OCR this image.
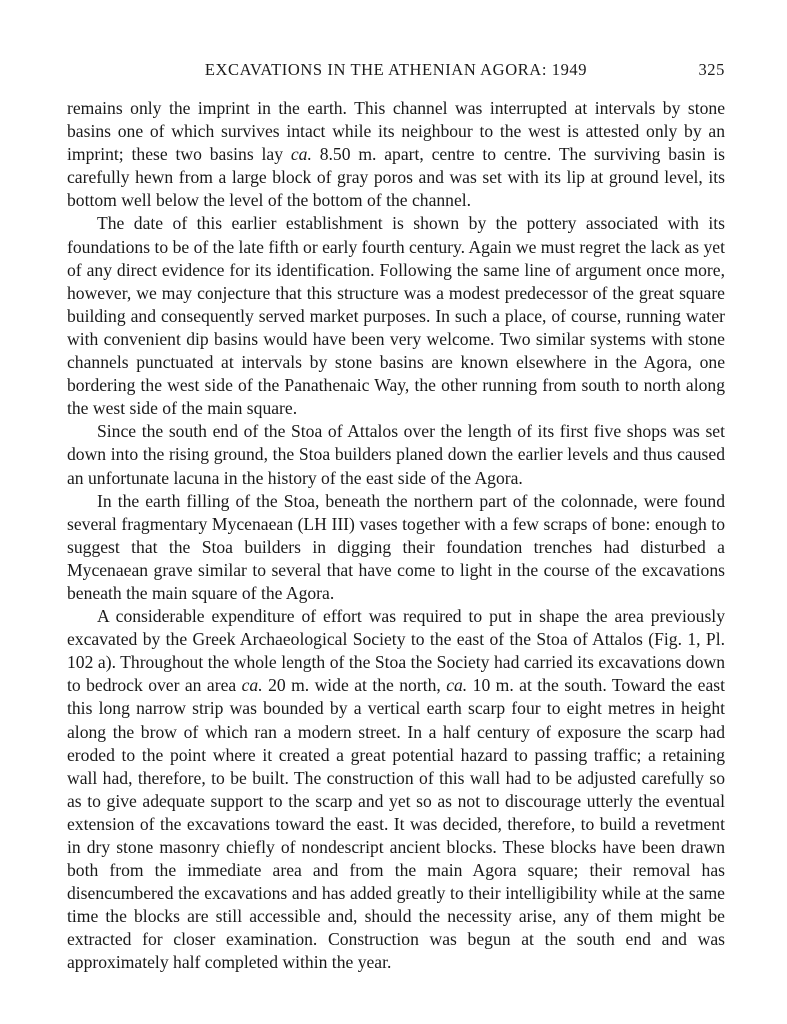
EXCAVATIONS IN THE ATHENIAN AGORA: 1949	325

remains only the imprint in the earth. This channel was interrupted at intervals by stone basins one of which survives intact while its neighbour to the west is attested only by an imprint; these two basins lay ca. 8.50 m. apart, centre to centre. The surviving basin is carefully hewn from a large block of gray poros and was set with its lip at ground level, its bottom well below the level of the bottom of the channel.

The date of this earlier establishment is shown by the pottery associated with its foundations to be of the late fifth or early fourth century. Again we must regret the lack as yet of any direct evidence for its identification. Following the same line of argument once more, however, we may conjecture that this structure was a modest predecessor of the great square building and consequently served market purposes. In such a place, of course, running water with convenient dip basins would have been very welcome. Two similar systems with stone channels punctuated at intervals by stone basins are known elsewhere in the Agora, one bordering the west side of the Panathenaic Way, the other running from south to north along the west side of the main square.

Since the south end of the Stoa of Attalos over the length of its first five shops was set down into the rising ground, the Stoa builders planed down the earlier levels and thus caused an unfortunate lacuna in the history of the east side of the Agora.

In the earth filling of the Stoa, beneath the northern part of the colonnade, were found several fragmentary Mycenaean (LH III) vases together with a few scraps of bone: enough to suggest that the Stoa builders in digging their foundation trenches had disturbed a Mycenaean grave similar to several that have come to light in the course of the excavations beneath the main square of the Agora.

A considerable expenditure of effort was required to put in shape the area previously excavated by the Greek Archaeological Society to the east of the Stoa of Attalos (Fig. 1, Pl. 102 a). Throughout the whole length of the Stoa the Society had carried its excavations down to bedrock over an area ca. 20 m. wide at the north, ca. 10 m. at the south. Toward the east this long narrow strip was bounded by a vertical earth scarp four to eight metres in height along the brow of which ran a modern street. In a half century of exposure the scarp had eroded to the point where it created a great potential hazard to passing traffic; a retaining wall had, therefore, to be built. The construction of this wall had to be adjusted carefully so as to give adequate support to the scarp and yet so as not to discourage utterly the eventual extension of the excavations toward the east. It was decided, therefore, to build a revetment in dry stone masonry chiefly of nondescript ancient blocks. These blocks have been drawn both from the immediate area and from the main Agora square; their removal has disencumbered the excavations and has added greatly to their intelligibility while at the same time the blocks are still accessible and, should the necessity arise, any of them might be extracted for closer examination. Construction was begun at the south end and was approximately half completed within the year.
